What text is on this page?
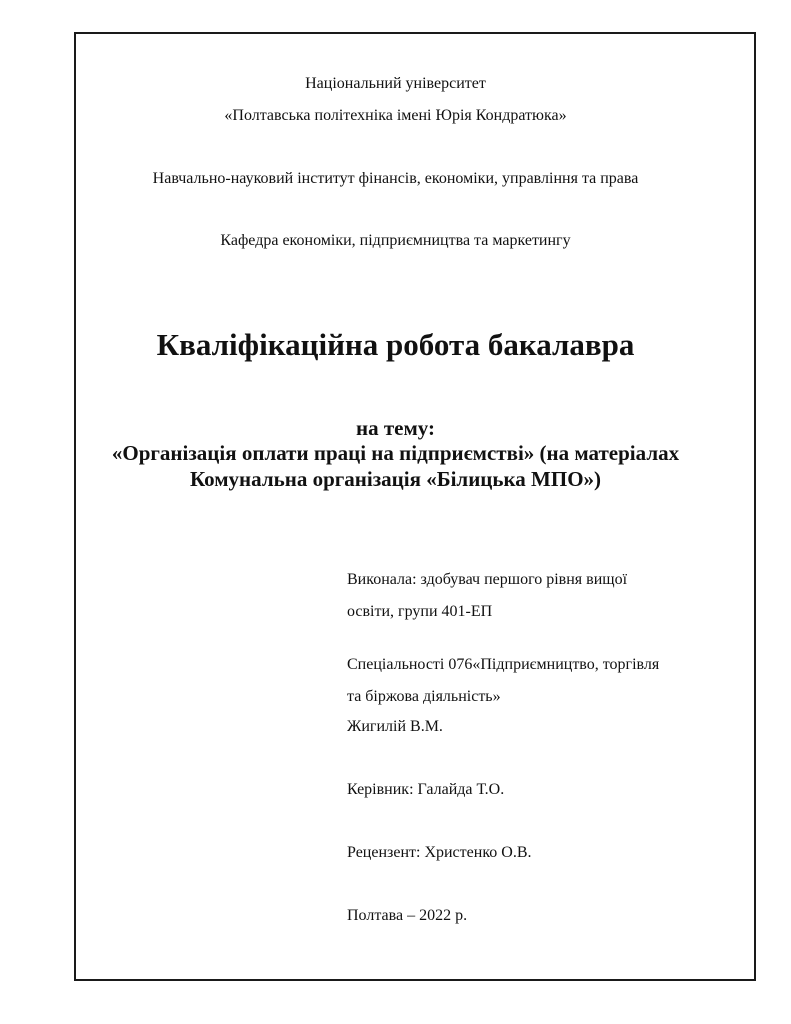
Національний університет
«Полтавська політехніка імені Юрія Кондратюка»
Навчально-науковий інститут фінансів, економіки, управління та права
Кафедра економіки, підприємництва та маркетингу
Кваліфікаційна робота бакалавра
на тему:
«Організація оплати праці на підприємстві» (на матеріалах
Комунальна організація «Білицька МПО»)
Виконала: здобувач першого рівня вищої
освіти, групи 401-ЕП
Спеціальності 076«Підприємництво, торгівля
та біржова діяльність»
Жигилій В.М.
Керівник: Галайда Т.О.
Рецензент: Христенко О.В.
Полтава – 2022 р.
